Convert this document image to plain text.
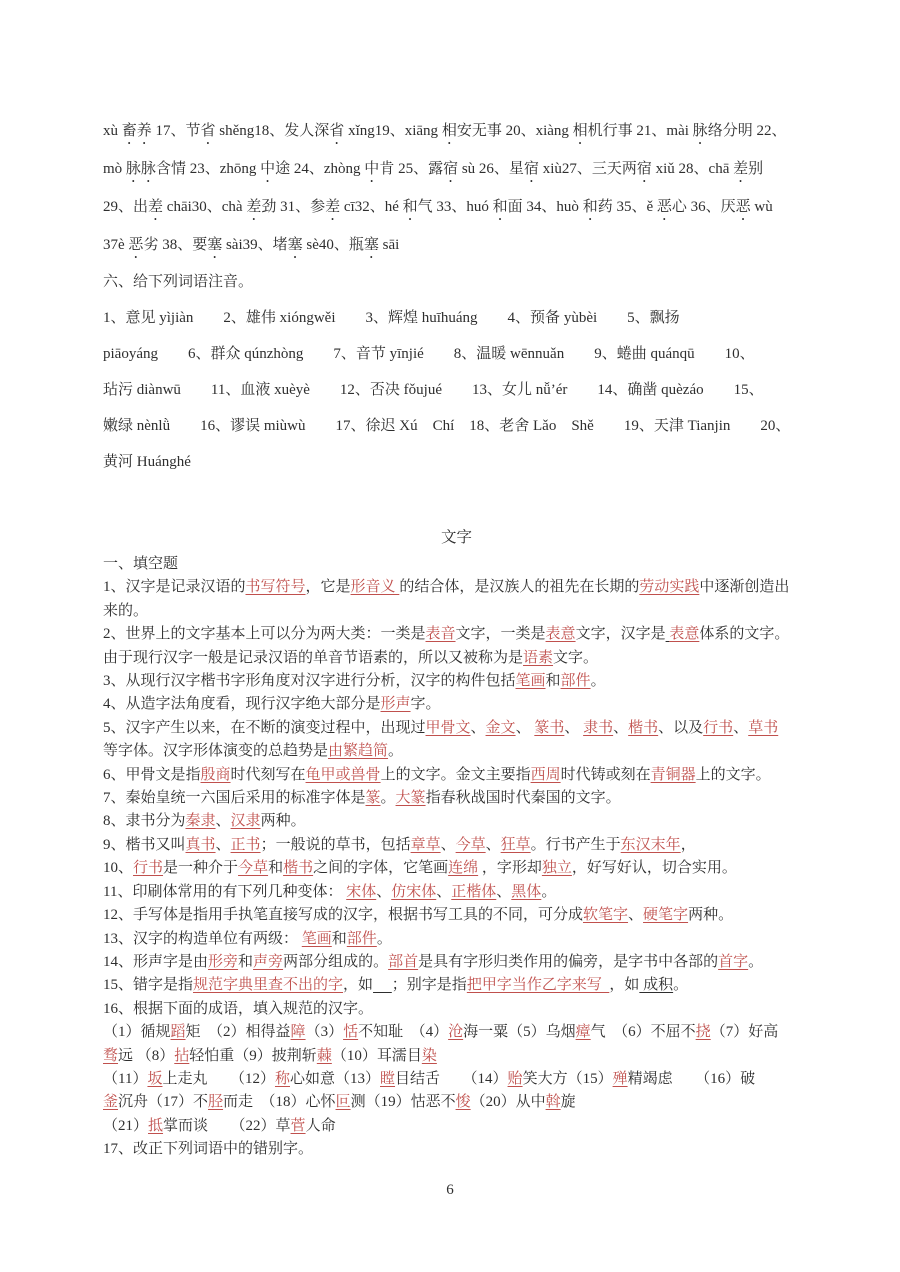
xù 畜养 17、节省 shěng18、发人深省 xǐng19、xiāng 相安无事 20、xiàng 相机行事 21、mài 脉络分明 22、
mò 脉脉含情 23、zhōng 中途 24、zhòng 中肯 25、露宿 sù 26、星宿 xiù27、三天两宿 xiǔ 28、chā 差别
29、出差 chāi30、chà 差劲 31、参差 cī32、hé 和气 33、huó 和面 34、huò 和药 35、ě 恶心 36、厌恶 wù
37è 恶劣 38、要塞 sài39、堵塞 sè40、瓶塞 sāi
六、给下列词语注音。
1、意见 yìjiàn　　2、雄伟 xióngwěi　　3、辉煌 huīhuáng　　4、预备 yùbèi　　5、飘扬
piāoyáng　　6、群众 qúnzhòng　　7、音节 yīnjié　　8、温暖 wēnnuǎn　　9、蜷曲 quánqū　　10、
玷污 diànwū　　11、血液 xuèyè　　12、否决 fǒujué　　13、女儿 nǚ’ér　　14、确凿 quèzáo　　15、
嫩绿 nènlǜ　　16、谬误 miùwù　　17、徐迟 Xú　Chí　18、老舍 Lǎo　Shě　　19、天津 Tianjin　　20、
黄河 Huánghé
文字
一、填空题
1、汉字是记录汉语的书写符号，它是形音义 的结合体，是汉族人的祖先在长期的劳动实践中逐渐创造出
来的。
2、世界上的文字基本上可以分为两大类：一类是表音文字，一类是表意文字，汉字是 表意体系的文字。
由于现行汉字一般是记录汉语的单音节语素的，所以又被称为是语素文字。
3、从现行汉字楷书字形角度对汉字进行分析，汉字的构件包括笔画和部件。
4、从造字法角度看，现行汉字绝大部分是形声字。
5、汉字产生以来，在不断的演变过程中，出现过甲骨文、金文、 篆书、 隶书、楷书、以及行书、草书
等字体。汉字形体演变的总趋势是由繁趋简。
6、甲骨文是指殷商时代刻写在龟甲或兽骨上的文字。金文主要指西周时代铸或刻在青铜器上的文字。
7、秦始皇统一六国后采用的标准字体是篆。大篆指春秋战国时代秦国的文字。
8、隶书分为秦隶、汉隶两种。
9、楷书又叫真书、正书；一般说的草书，包括章草、今草、狂草。行书产生于东汉末年，
10、行书是一种介于今草和楷书之间的字体，它笔画连绵 ，字形却独立，好写好认，切合实用。
11、印刷体常用的有下列几种变体： 宋体、仿宋体、正楷体、黑体。
12、手写体是指用手执笔直接写成的汉字，根据书写工具的不同，可分成软笔字、硬笔字两种。
13、汉字的构造单位有两级： 笔画和部件。
14、形声字是由形旁和声旁两部分组成的。部首是具有字形归类作用的偏旁，是字书中各部的首字。
15、错字是指规范字典里查不出的字，如 ；别字是指把甲字当作乙字来写  ，如 成积。
16、根据下面的成语，填入规范的汉字。
（1）循规蹈矩　（2）相得益障（3）恬不知耻　（4）沧海一粟（5）乌烟瘴气　（6）不屈不挠（7）好高
骛远 （8）拈轻怕重（9）披荆斩蕀（10）耳濡目染
（11）坂上走丸　　（12）称心如意（13）瞠目结舌　　（14）贻笑大方（15）殚精竭虑　　（16）破
釜沉舟（17）不胫而走　（18）心怀叵测（19）怙恶不悛（20）从中斡旋
（21）抵掌而谈　　（22）草菅人命
17、改正下列词语中的错别字。
6
